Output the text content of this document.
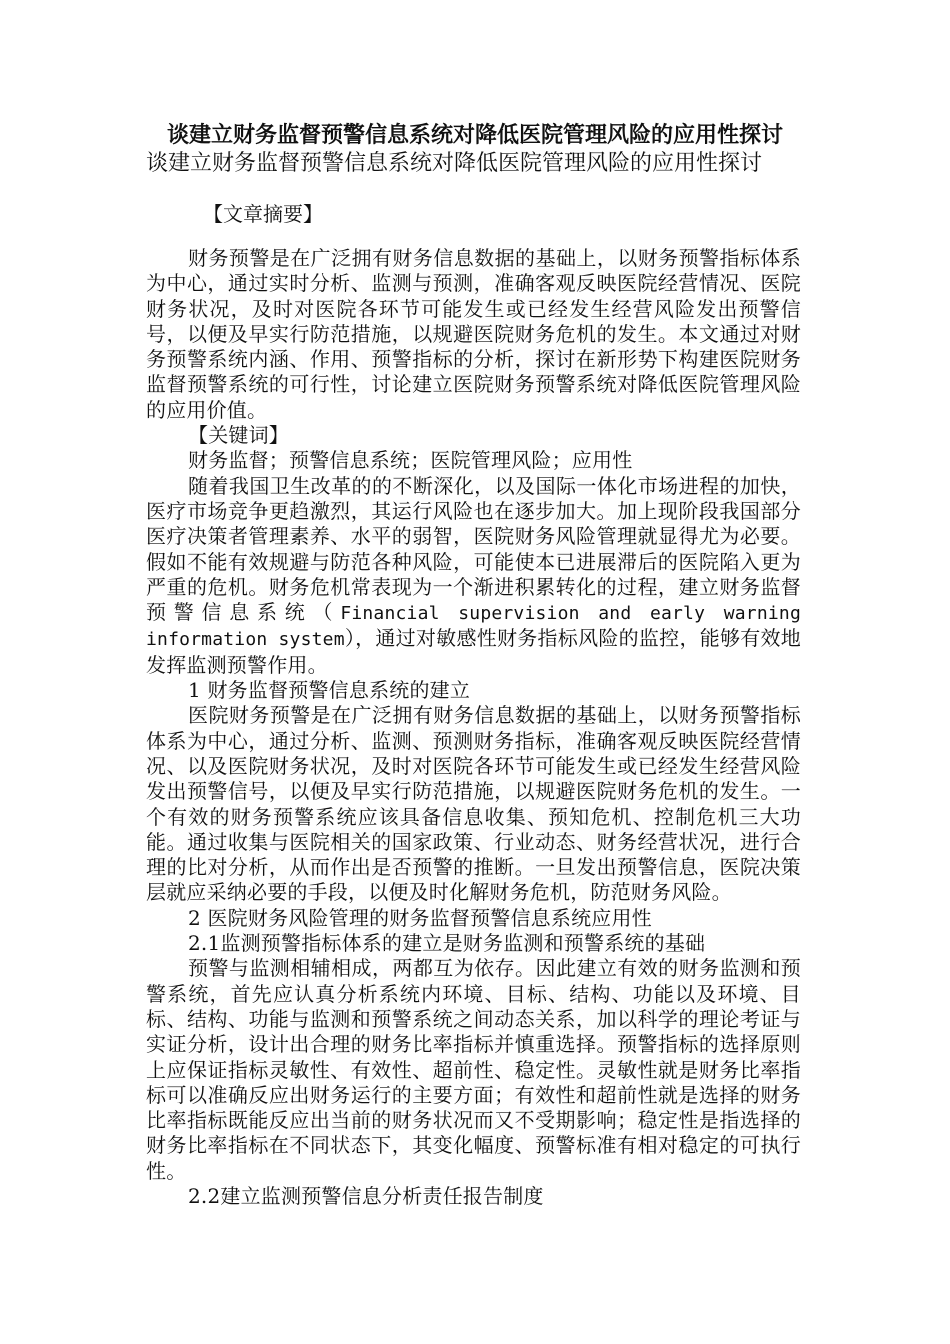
谈建立财务监督预警信息系统对降低医院管理风险的应用性探讨
谈建立财务监督预警信息系统对降低医院管理风险的应用性探讨
【文章摘要】

财务预警是在广泛拥有财务信息数据的基础上，以财务预警指标体系为中心，通过实时分析、监测与预测，准确客观反映医院经营情况、医院财务状况，及时对医院各环节可能发生或已经发生经营风险发出预警信号，以便及早实行防范措施，以规避医院财务危机的发生。本文通过对财务预警系统内涵、作用、预警指标的分析，探讨在新形势下构建医院财务监督预警系统的可行性，讨论建立医院财务预警系统对降低医院管理风险的应用价值。

【关键词】

财务监督；预警信息系统；医院管理风险；应用性

随着我国卫生改革的的不断深化，以及国际一体化市场进程的加快，医疗市场竞争更趋激烈，其运行风险也在逐步加大。加上现阶段我国部分医疗决策者管理素养、水平的弱智，医院财务风险管理就显得尤为必要。假如不能有效规避与防范各种风险，可能使本已进展滞后的医院陷入更为严重的危机。财务危机常表现为一个渐进积累转化的过程，建立财务监督预警信息系统（Financial supervision and early warning information system），通过对敏感性财务指标风险的监控，能够有效地发挥监测预警作用。

1 财务监督预警信息系统的建立

医院财务预警是在广泛拥有财务信息数据的基础上，以财务预警指标体系为中心，通过分析、监测、预测财务指标，准确客观反映医院经营情况、以及医院财务状况，及时对医院各环节可能发生或已经发生经营风险发出预警信号，以便及早实行防范措施，以规避医院财务危机的发生。一个有效的财务预警系统应该具备信息收集、预知危机、控制危机三大功能。通过收集与医院相关的国家政策、行业动态、财务经营状况，进行合理的比对分析，从而作出是否预警的推断。一旦发出预警信息，医院决策层就应采纳必要的手段，以便及时化解财务危机，防范财务风险。

2 医院财务风险管理的财务监督预警信息系统应用性
2.1监测预警指标体系的建立是财务监测和预警系统的基础

预警与监测相辅相成，两都互为依存。因此建立有效的财务监测和预警系统，首先应认真分析系统内环境、目标、结构、功能以及环境、目标、结构、功能与监测和预警系统之间动态关系，加以科学的理论考证与实证分析，设计出合理的财务比率指标并慎重选择。预警指标的选择原则上应保证指标灵敏性、有效性、超前性、稳定性。灵敏性就是财务比率指标可以准确反应出财务运行的主要方面；有效性和超前性就是选择的财务比率指标既能反应出当前的财务状况而又不受期影响；稳定性是指选择的财务比率指标在不同状态下，其变化幅度、预警标准有相对稳定的可执行性。

2.2建立监测预警信息分析责任报告制度
